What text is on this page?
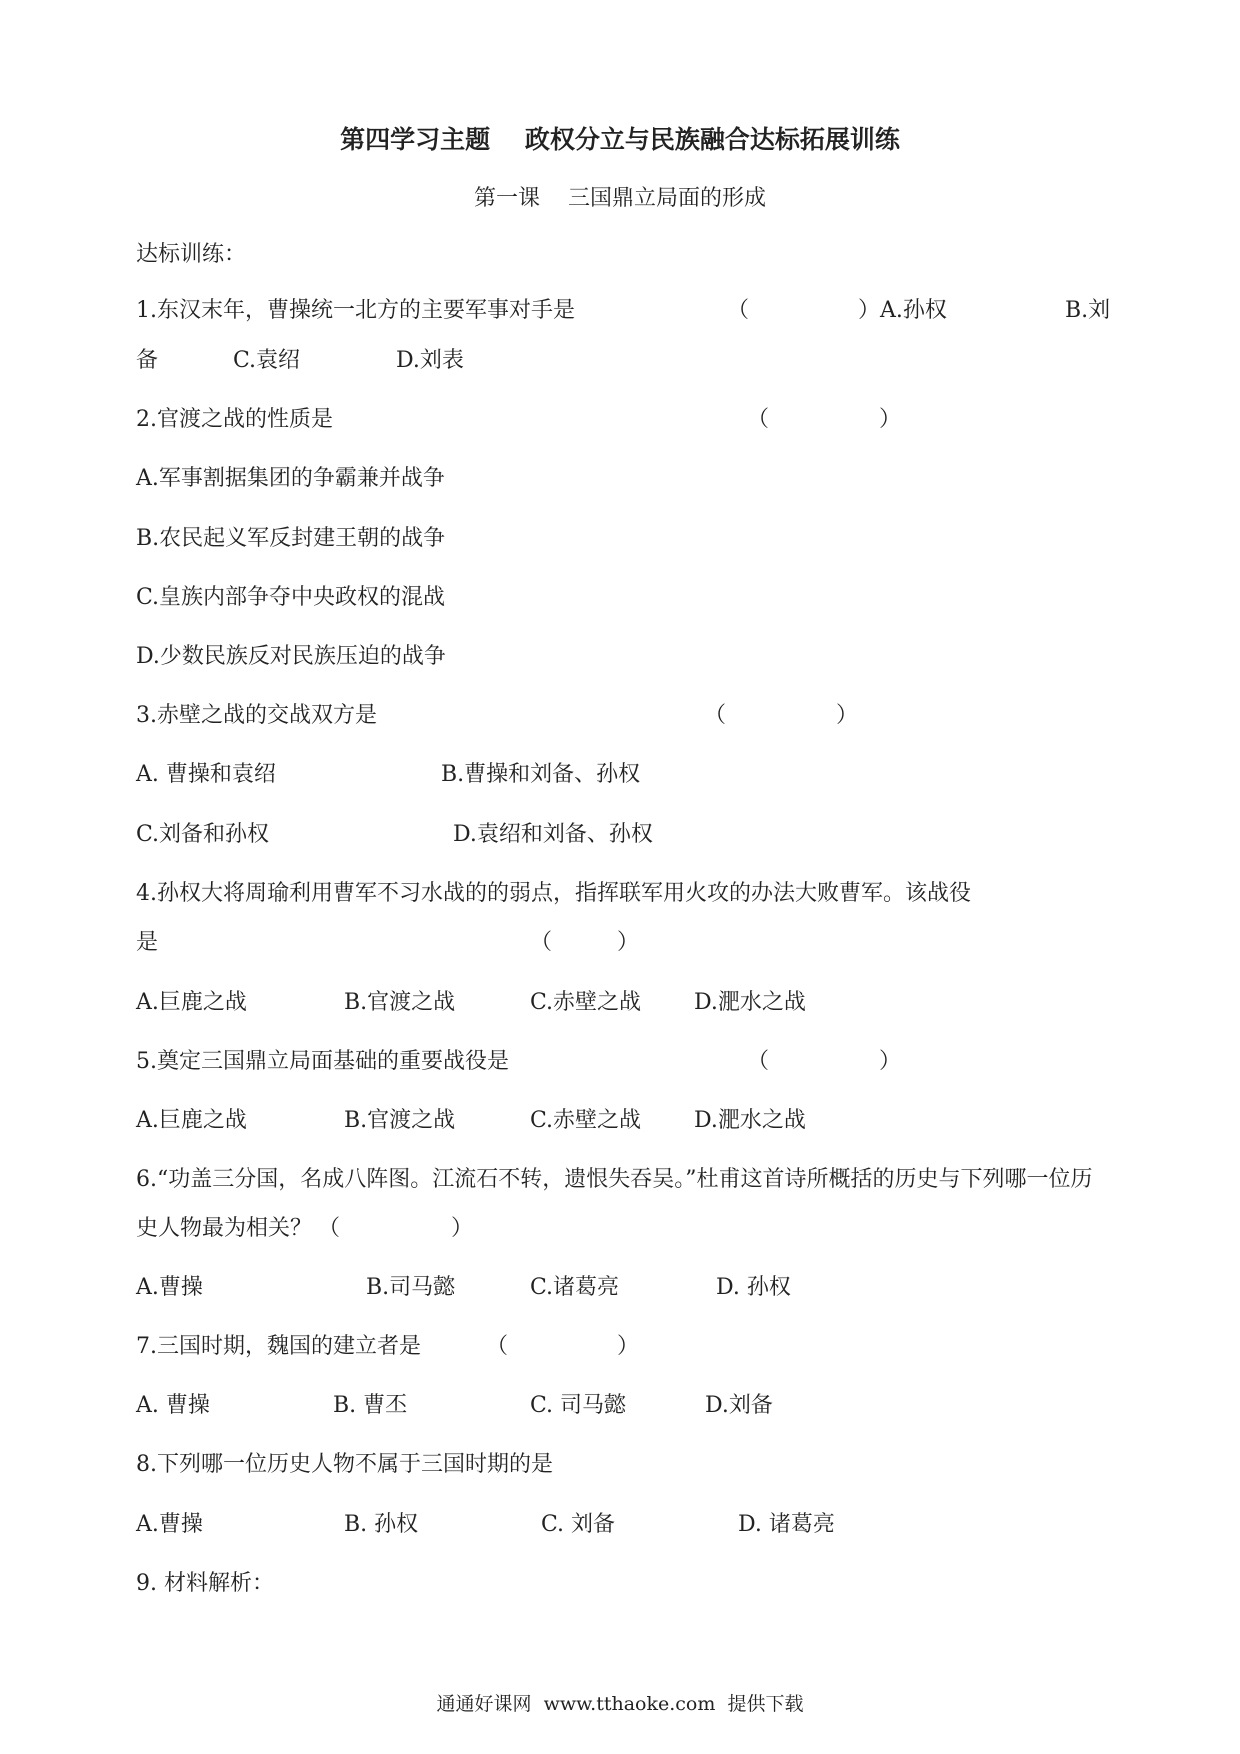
第四学习主题    政权分立与民族融合达标拓展训练
第一课    三国鼎立局面的形成
达标训练：
1.东汉末年，曹操统一北方的主要军事对手是	（	） A.孙权	B.刘
备	C.袁绍	D.刘表
2.官渡之战的性质是	（	）
A.军事割据集团的争霸兼并战争
B.农民起义军反封建王朝的战争
C.皇族内部争夺中央政权的混战
D.少数民族反对民族压迫的战争
3.赤壁之战的交战双方是	（	）
A. 曹操和袁绍	B.曹操和刘备、孙权
C.刘备和孙权	D.袁绍和刘备、孙权
4.孙权大将周瑜利用曹军不习水战的的弱点，指挥联军用火攻的办法大败曹军。该战役
是	（	）
A.巨鹿之战	B.官渡之战	C.赤壁之战 D.淝水之战
5.奠定三国鼎立局面基础的重要战役是	（	）
A.巨鹿之战	B.官渡之战	C.赤壁之战 D.淝水之战
6.“功盖三分国，名成八阵图。江流石不转，遗恨失吞吴。”杜甫这首诗所概括的历史与下列哪一位历
史人物最为相关？ （	）
A.曹操	B.司马懿	C.诸葛亮	D. 孙权
7.三国时期，魏国的建立者是	（	）
A. 曹操	B. 曹丕	C. 司马懿	D.刘备
8.下列哪一位历史人物不属于三国时期的是
A.曹操	B. 孙权	C. 刘备	D. 诸葛亮
9. 材料解析：
通通好课网  www.tthaoke.com  提供下载
